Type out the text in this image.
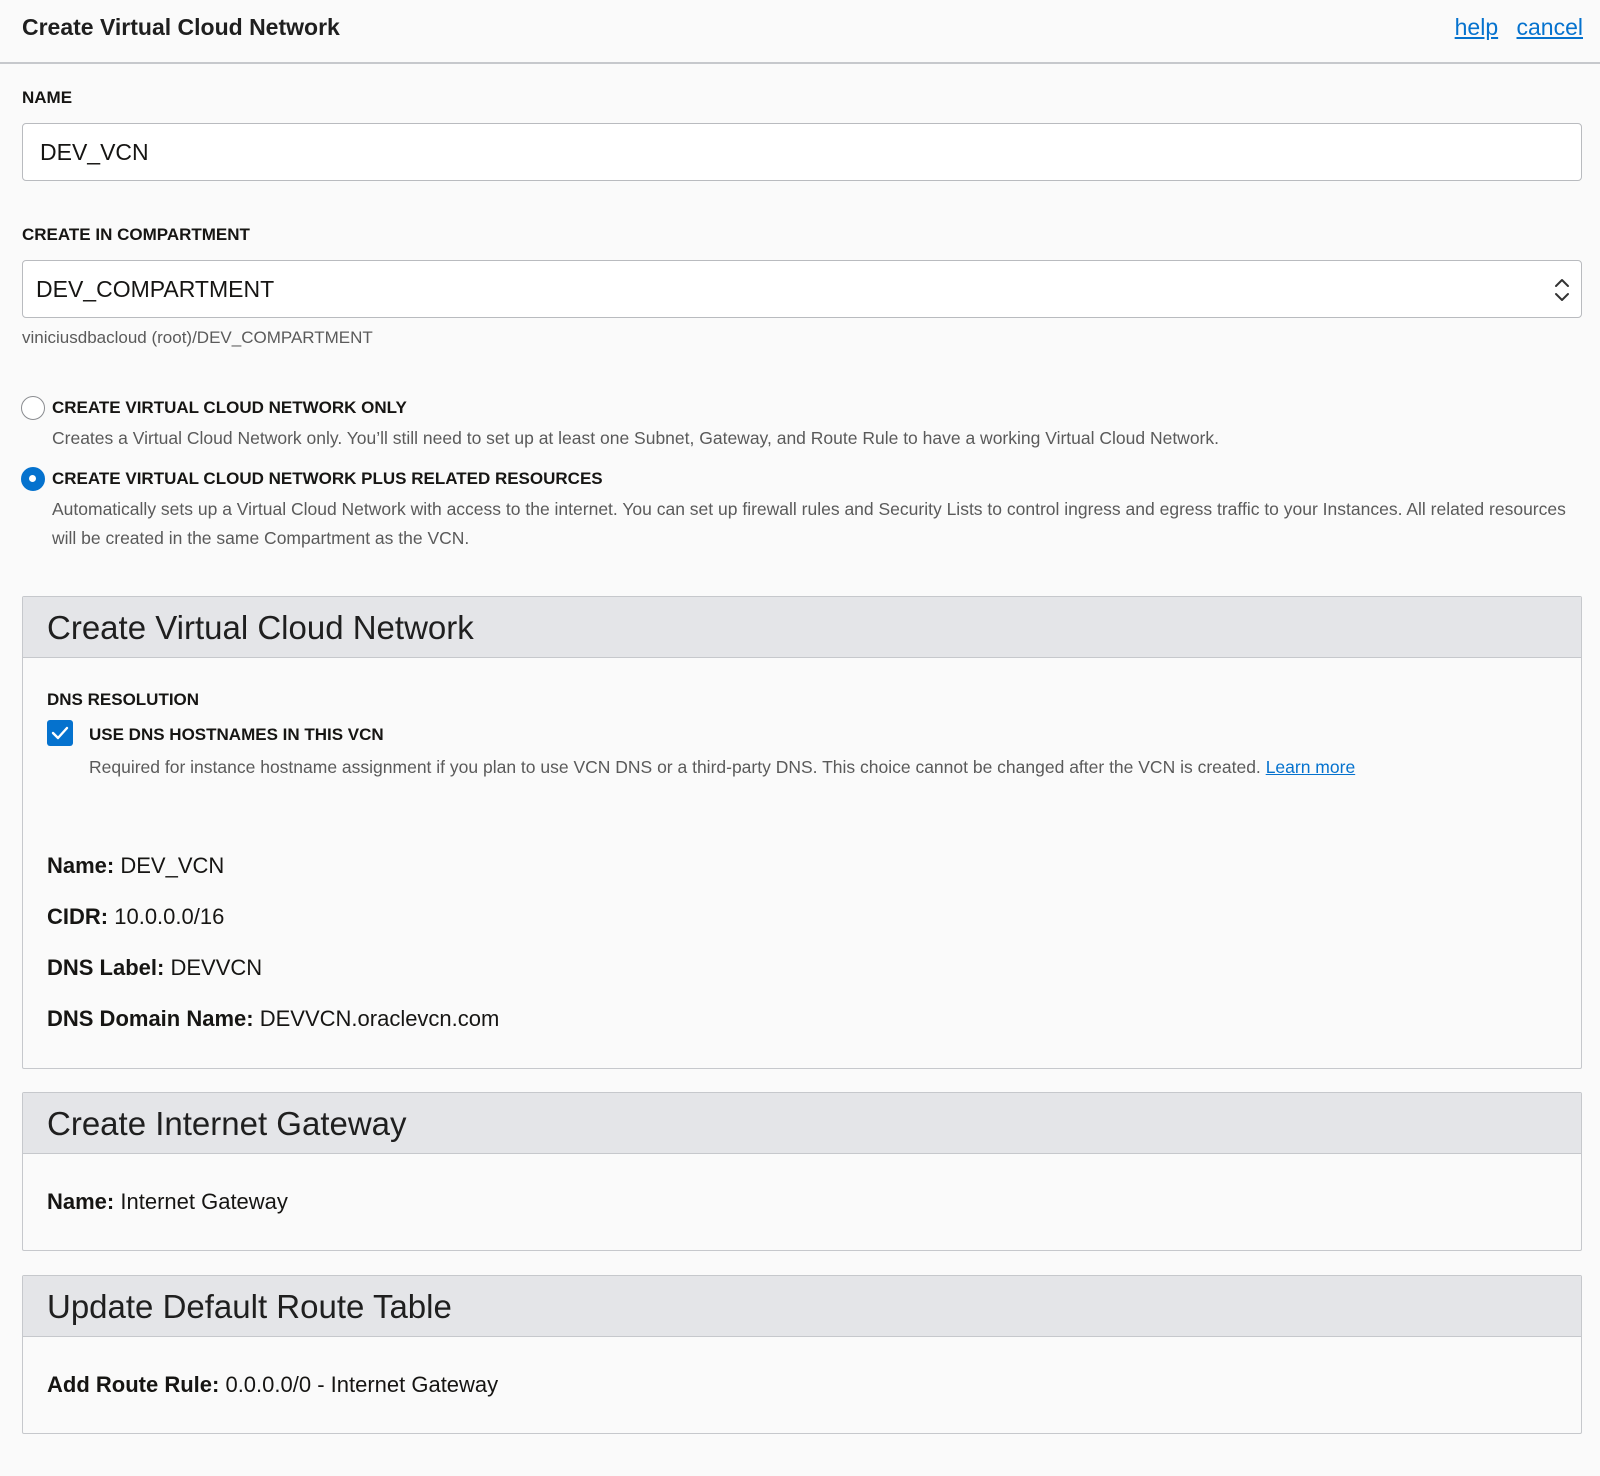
Create Virtual Cloud Network	help cancel
NAME
DEV_VCN
CREATE IN COMPARTMENT
DEV_COMPARTMENT
viniciusdbacloud (root)/DEV_COMPARTMENT
CREATE VIRTUAL CLOUD NETWORK ONLY
Creates a Virtual Cloud Network only. You’ll still need to set up at least one Subnet, Gateway, and Route Rule to have a working Virtual Cloud Network.
CREATE VIRTUAL CLOUD NETWORK PLUS RELATED RESOURCES
Automatically sets up a Virtual Cloud Network with access to the internet. You can set up firewall rules and Security Lists to control ingress and egress traffic to your Instances. All related resources will be created in the same Compartment as the VCN.
Create Virtual Cloud Network
DNS RESOLUTION
USE DNS HOSTNAMES IN THIS VCN
Required for instance hostname assignment if you plan to use VCN DNS or a third-party DNS. This choice cannot be changed after the VCN is created. Learn more
Name: DEV_VCN
CIDR: 10.0.0.0/16
DNS Label: DEVVCN
DNS Domain Name: DEVVCN.oraclevcn.com
Create Internet Gateway
Name: Internet Gateway
Update Default Route Table
Add Route Rule: 0.0.0.0/0 - Internet Gateway
